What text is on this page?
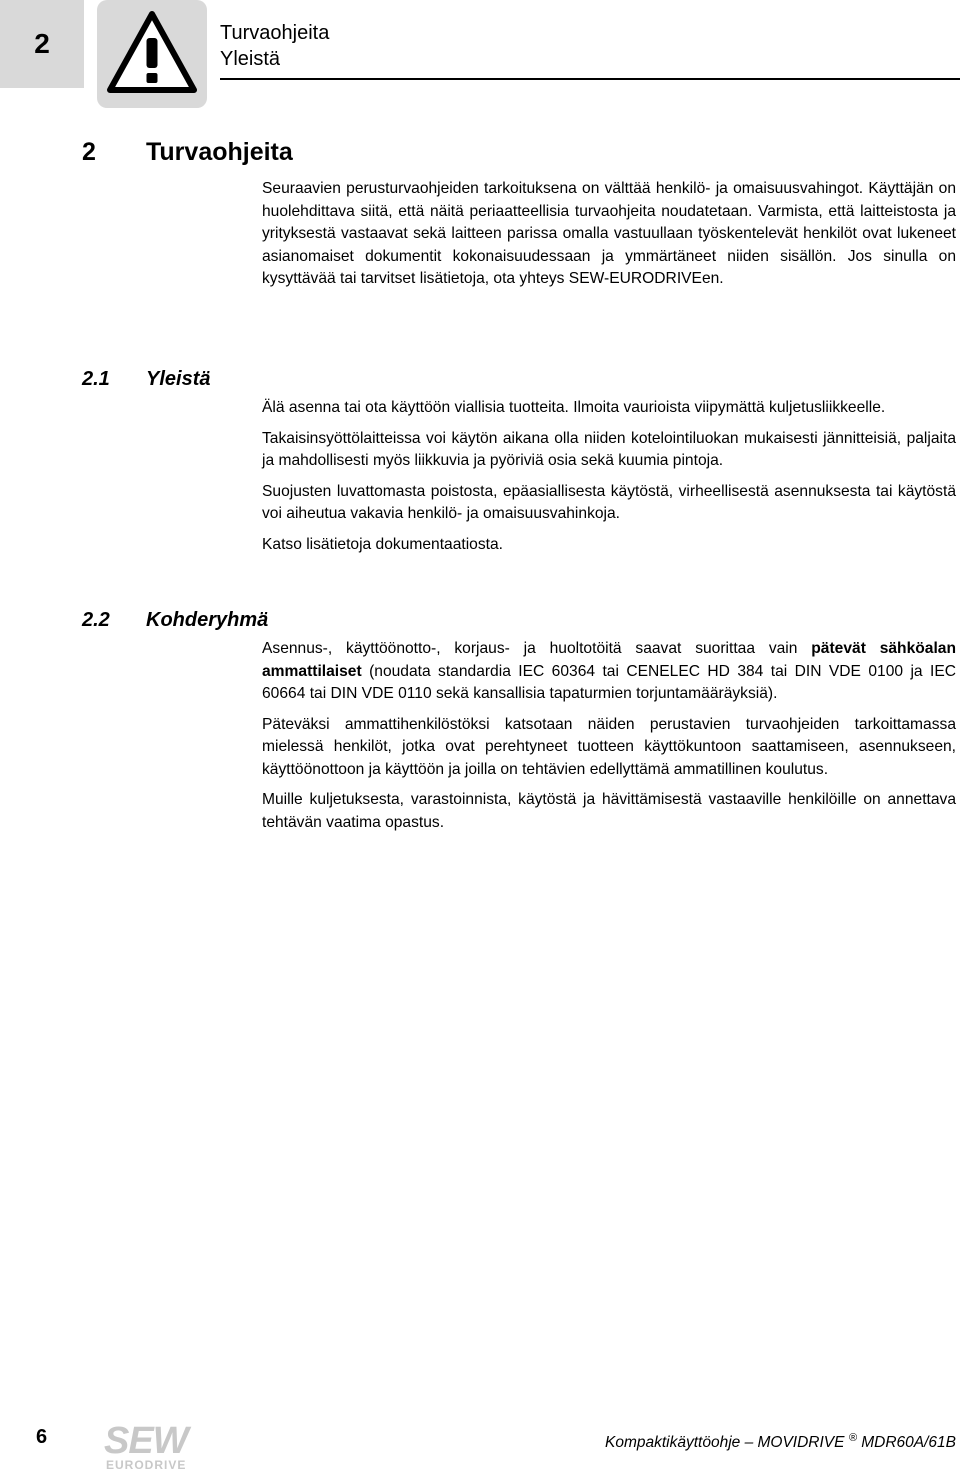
2	Turvaohjeita
Yleistä
2 Turvaohjeita

Seuraavien perusturvaohjeiden tarkoituksena on välttää henkilö- ja omaisuusvahingot. Käyttäjän on huolehdittava siitä, että näitä periaatteellisia turvaohjeita noudatetaan. Varmista, että laitteistosta ja yrityksestä vastaavat sekä laitteen parissa omalla vastuullaan työskentelevät henkilöt ovat lukeneet asianomaiset dokumentit kokonaisuudessaan ja ymmärtäneet niiden sisällön. Jos sinulla on kysyttävää tai tarvitset lisätietoja, ota yhteys SEW-EURODRIVEen.

2.1 Yleistä

Älä asenna tai ota käyttöön viallisia tuotteita. Ilmoita vaurioista viipymättä kuljetusliikkeelle.

Takaisinsyöttölaitteissa voi käytön aikana olla niiden kotelointiluokan mukaisesti jännitteisiä, paljaita ja mahdollisesti myös liikkuvia ja pyöriviä osia sekä kuumia pintoja.

Suojusten luvattomasta poistosta, epäasiallisesta käytöstä, virheellisestä asennuksesta tai käytöstä voi aiheutua vakavia henkilö- ja omaisuusvahinkoja.

Katso lisätietoja dokumentaatiosta.

2.2 Kohderyhmä

Asennus-, käyttöönotto-, korjaus- ja huoltotöitä saavat suorittaa vain pätevät sähköalan ammattilaiset (noudata standardia IEC 60364 tai CENELEC HD 384 tai DIN VDE 0100 ja IEC 60664 tai DIN VDE 0110 sekä kansallisia tapaturmien torjuntamääräyksiä).

Päteväksi ammattihenkilöstöksi katsotaan näiden perustavien turvaohjeiden tarkoittamassa mielessä henkilöt, jotka ovat perehtyneet tuotteen käyttökuntoon saattamiseen, asennukseen, käyttöönottoon ja käyttöön ja joilla on tehtävien edellyttämä ammatillinen koulutus.

Muille kuljetuksesta, varastoinnista, käytöstä ja hävittämisestä vastaaville henkilöille on annettava tehtävän vaatima opastus.

6 SEW
EURODRIVE
Kompaktikäyttöohje – MOVIDRIVE ® MDR60A/61B
